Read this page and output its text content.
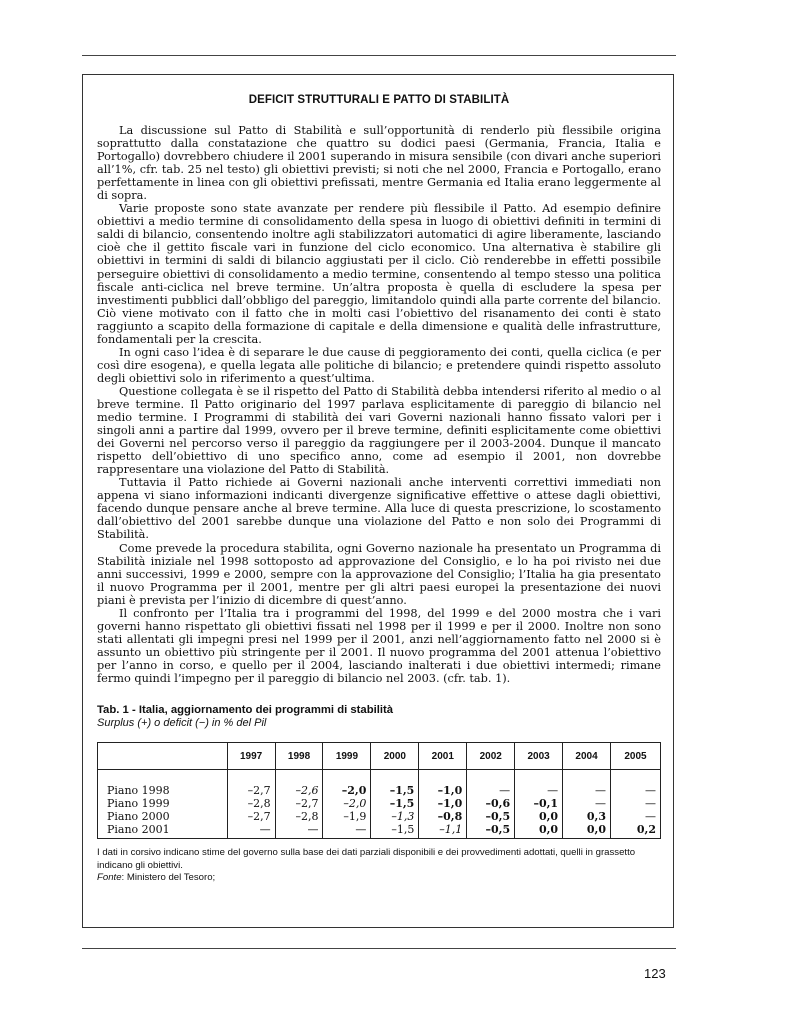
DEFICIT STRUTTURALI E PATTO DI STABILITÀ

La discussione sul Patto di Stabilità e sull’opportunità di renderlo più flessibile origina soprattutto dalla constatazione che quattro su dodici paesi (Germania, Francia, Italia e Portogallo) dovrebbero chiudere il 2001 superando in misura sensibile (con divari anche superiori all’1%, cfr. tab. 25 nel testo) gli obiettivi previsti; si noti che nel 2000, Francia e Portogallo, erano perfettamente in linea con gli obiettivi prefissati, mentre Germania ed Italia erano leggermente al di sopra.

Varie proposte sono state avanzate per rendere più flessibile il Patto. Ad esempio definire obiettivi a medio termine di consolidamento della spesa in luogo di obiettivi definiti in termini di saldi di bilancio, consentendo inoltre agli stabilizzatori automatici di agire liberamente, lasciando cioè che il gettito fiscale vari in funzione del ciclo economico. Una alternativa è stabilire gli obiettivi in termini di saldi di bilancio aggiustati per il ciclo. Ciò renderebbe in effetti possibile perseguire obiettivi di consolidamento a medio termine, consentendo al tempo stesso una politica fiscale anti-ciclica nel breve termine. Un’altra proposta è quella di escludere la spesa per investimenti pubblici dall’obbligo del pareggio, limitandolo quindi alla parte corrente del bilancio. Ciò viene motivato con il fatto che in molti casi l’obiettivo del risanamento dei conti è stato raggiunto a scapito della formazione di capitale e della dimensione e qualità delle infrastrutture, fondamentali per la crescita.

In ogni caso l’idea è di separare le due cause di peggioramento dei conti, quella ciclica (e per così dire esogena), e quella legata alle politiche di bilancio; e pretendere quindi rispetto assoluto degli obiettivi solo in riferimento a quest’ultima.

Questione collegata è se il rispetto del Patto di Stabilità debba intendersi riferito al medio o al breve termine. Il Patto originario del 1997 parlava esplicitamente di pareggio di bilancio nel medio termine. I Programmi di stabilità dei vari Governi nazionali hanno fissato valori per i singoli anni a partire dal 1999, ovvero per il breve termine, definiti esplicitamente come obiettivi dei Governi nel percorso verso il pareggio da raggiungere per il 2003-2004. Dunque il mancato rispetto dell’obiettivo di uno specifico anno, come ad esempio il 2001, non dovrebbe rappresentare una violazione del Patto di Stabilità.

Tuttavia il Patto richiede ai Governi nazionali anche interventi correttivi immediati non appena vi siano informazioni indicanti divergenze significative effettive o attese dagli obiettivi, facendo dunque pensare anche al breve termine. Alla luce di questa prescrizione, lo scostamento dall’obiettivo del 2001 sarebbe dunque una violazione del Patto e non solo dei Programmi di Stabilità.

Come prevede la procedura stabilita, ogni Governo nazionale ha presentato un Programma di Stabilità iniziale nel 1998 sottoposto ad approvazione del Consiglio, e lo ha poi rivisto nei due anni successivi, 1999 e 2000, sempre con la approvazione del Consiglio; l’Italia ha gia presentato il nuovo Programma per il 2001, mentre per gli altri paesi europei la presentazione dei nuovi piani è prevista per l’inizio di dicembre di quest’anno.

Il confronto per l’Italia tra i programmi del 1998, del 1999 e del 2000 mostra che i vari governi hanno rispettato gli obiettivi fissati nel 1998 per il 1999 e per il 2000. Inoltre non sono stati allentati gli impegni presi nel 1999 per il 2001, anzi nell’aggiornamento fatto nel 2000 si è assunto un obiettivo più stringente per il 2001. Il nuovo programma del 2001 attenua l’obiettivo per l’anno in corso, e quello per il 2004, lasciando inalterati i due obiettivi intermedi; rimane fermo quindi l’impegno per il pareggio di bilancio nel 2003. (cfr. tab. 1).

Tab. 1 - Italia, aggiornamento dei programmi di stabilità
Surplus (+) o deficit (−) in % del Pil
	1997	1998	1999	2000	2001	2002	2003	2004	2005

Piano 1998	–2,7	–2,6	–2,0	–1,5	–1,0	—	—	—	—
Piano 1999	–2,8	–2,7	–2,0	–1,5	–1,0	–0,6	–0,1	—	—
Piano 2000	–2,7	–2,8	–1,9	–1,3	–0,8	–0,5	0,0	0,3	—
Piano 2001	—	—	—	–1,5	–1,1	–0,5	0,0	0,0	0,2
I dati in corsivo indicano stime del governo sulla base dei dati parziali disponibili e dei provvedimenti adottati, quelli in grassetto indicano gli obiettivi.
Fonte: Ministero del Tesoro;
123
